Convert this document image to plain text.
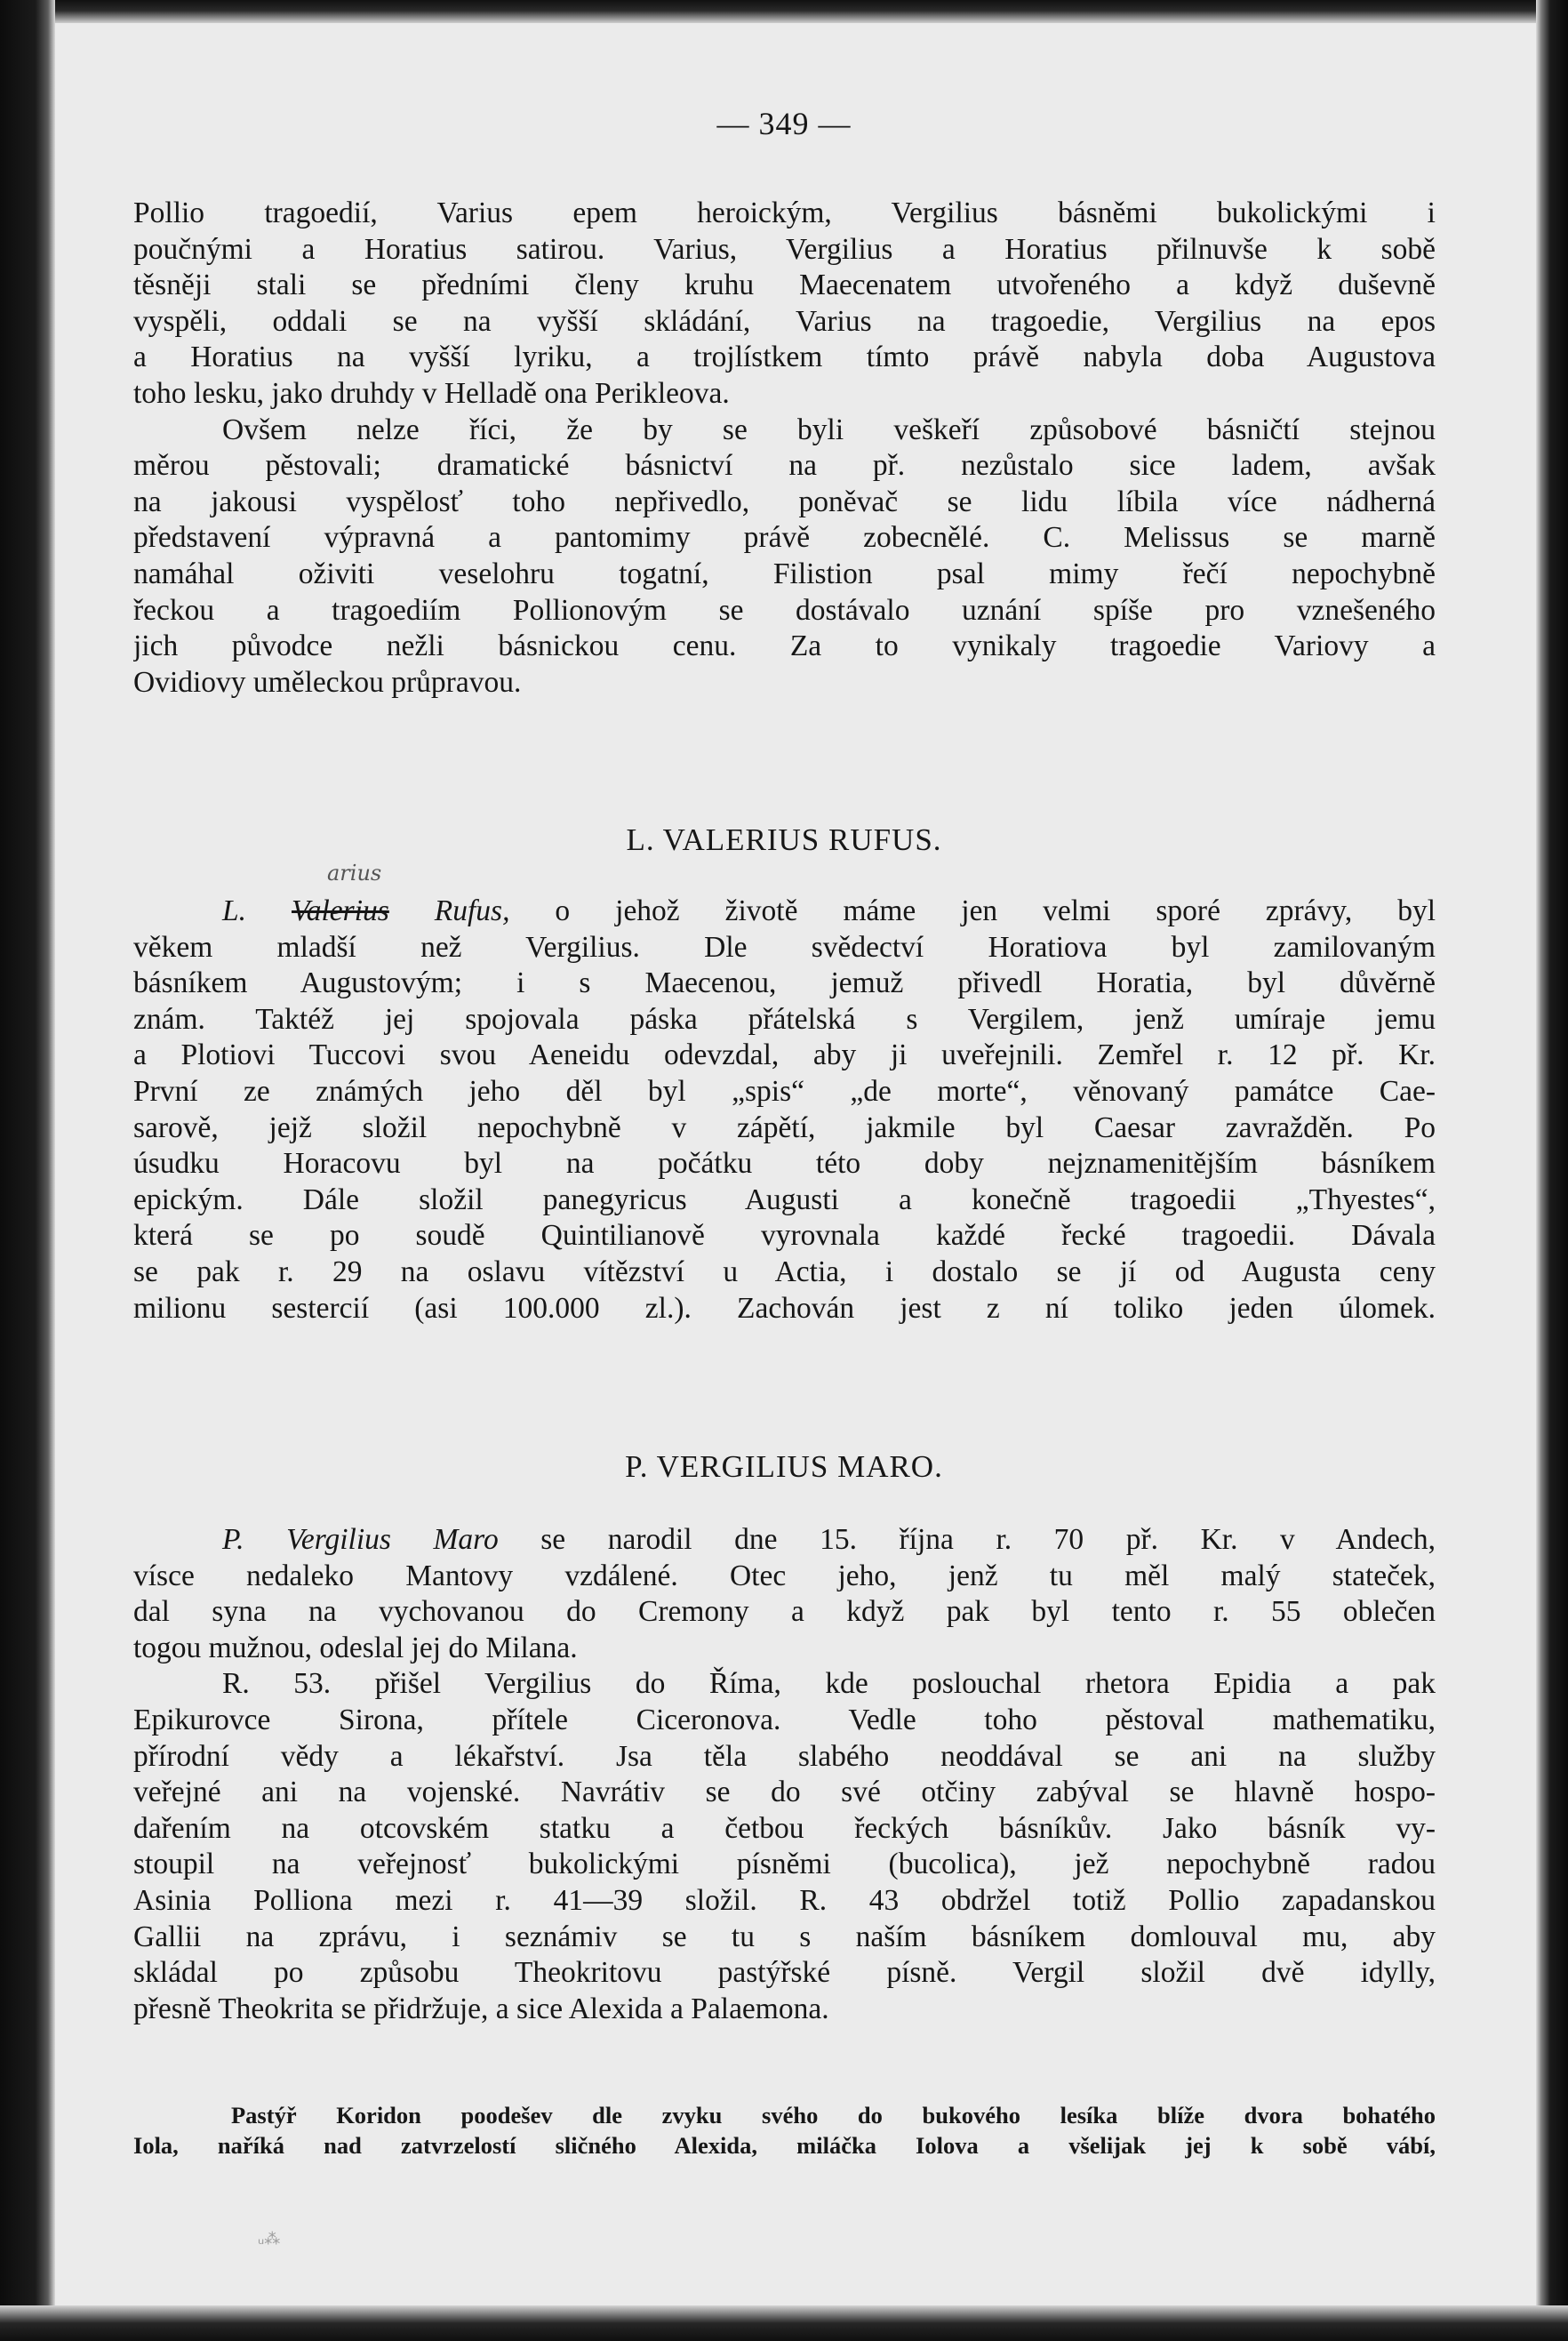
— 349 —
Pollio tragoedií, Varius epem heroickým, Vergilius básněmi bukolickými i
poučnými a Horatius satirou. Varius, Vergilius a Horatius přilnuvše k sobě
těsněji stali se předními členy kruhu Maecenatem utvořeného a když duševně
vyspěli, oddali se na vyšší skládání, Varius na tragoedie, Vergilius na epos
a Horatius na vyšší lyriku, a trojlístkem tímto právě nabyla doba Augustova
toho lesku, jako druhdy v Helladě ona Perikleova.
Ovšem nelze říci, že by se byli veškeří způsobové básničtí stejnou
měrou pěstovali; dramatické básnictví na př. nezůstalo sice ladem, avšak
na jakousi vyspělosť toho nepřivedlo, poněvač se lidu líbila více nádherná
představení výpravná a pantomimy právě zobecnělé. C. Melissus se marně
namáhal oživiti veselohru togatní, Filistion psal mimy řečí nepochybně
řeckou a tragoediím Pollionovým se dostávalo uznání spíše pro vznešeného
jich původce nežli básnickou cenu. Za to vynikaly tragoedie Variovy a
Ovidiovy uměleckou průpravou.
L. VALERIUS RUFUS.
arius
L. Valerius Rufus, o jehož životě máme jen velmi sporé zprávy, byl
věkem mladší než Vergilius. Dle svědectví Horatiova byl zamilovaným
básníkem Augustovým; i s Maecenou, jemuž přivedl Horatia, byl důvěrně
znám. Taktéž jej spojovala páska přátelská s Vergilem, jenž umíraje jemu
a Plotiovi Tuccovi svou Aeneidu odevzdal, aby ji uveřejnili. Zemřel r. 12 př. Kr.
První ze známých jeho děl byl „spis“ „de morte“, věnovaný památce Cae-
sarově, jejž složil nepochybně v zápětí, jakmile byl Caesar zavražděn. Po
úsudku Horacovu byl na počátku této doby nejznamenitějším básníkem
epickým. Dále složil panegyricus Augusti a konečně tragoedii „Thyestes“,
která se po soudě Quintilianově vyrovnala každé řecké tragoedii. Dávala
se pak r. 29 na oslavu vítězství u Actia, i dostalo se jí od Augusta ceny
milionu sestercií (asi 100.000 zl.). Zachován jest z ní toliko jeden úlomek.
P. VERGILIUS MARO.
P. Vergilius Maro se narodil dne 15. října r. 70 př. Kr. v Andech,
vísce nedaleko Mantovy vzdálené. Otec jeho, jenž tu měl malý stateček,
dal syna na vychovanou do Cremony a když pak byl tento r. 55 oblečen
togou mužnou, odeslal jej do Milana.
R. 53. přišel Vergilius do Říma, kde poslouchal rhetora Epidia a pak
Epikurovce Sirona, přítele Ciceronova. Vedle toho pěstoval mathematiku,
přírodní vědy a lékařství. Jsa těla slabého neoddával se ani na služby
veřejné ani na vojenské. Navrátiv se do své otčiny zabýval se hlavně hospo-
dařením na otcovském statku a četbou řeckých básníkův. Jako básník vy-
stoupil na veřejnosť bukolickými písněmi (bucolica), jež nepochybně radou
Asinia Polliona mezi r. 41—39 složil. R. 43 obdržel totiž Pollio zapadanskou
Gallii na zprávu, i seznámiv se tu s naším básníkem domlouval mu, aby
skládal po způsobu Theokritovu pastýřské písně. Vergil složil dvě idylly,
přesně Theokrita se přidržuje, a sice Alexida a Palaemona.
Pastýř Koridon poodešev dle zvyku svého do bukového lesíka blíže dvora bohatého
Iola, naříká nad zatvrzelostí sličného Alexida, miláčka Iolova a všelijak jej k sobě vábí,
ᵤ⁂
